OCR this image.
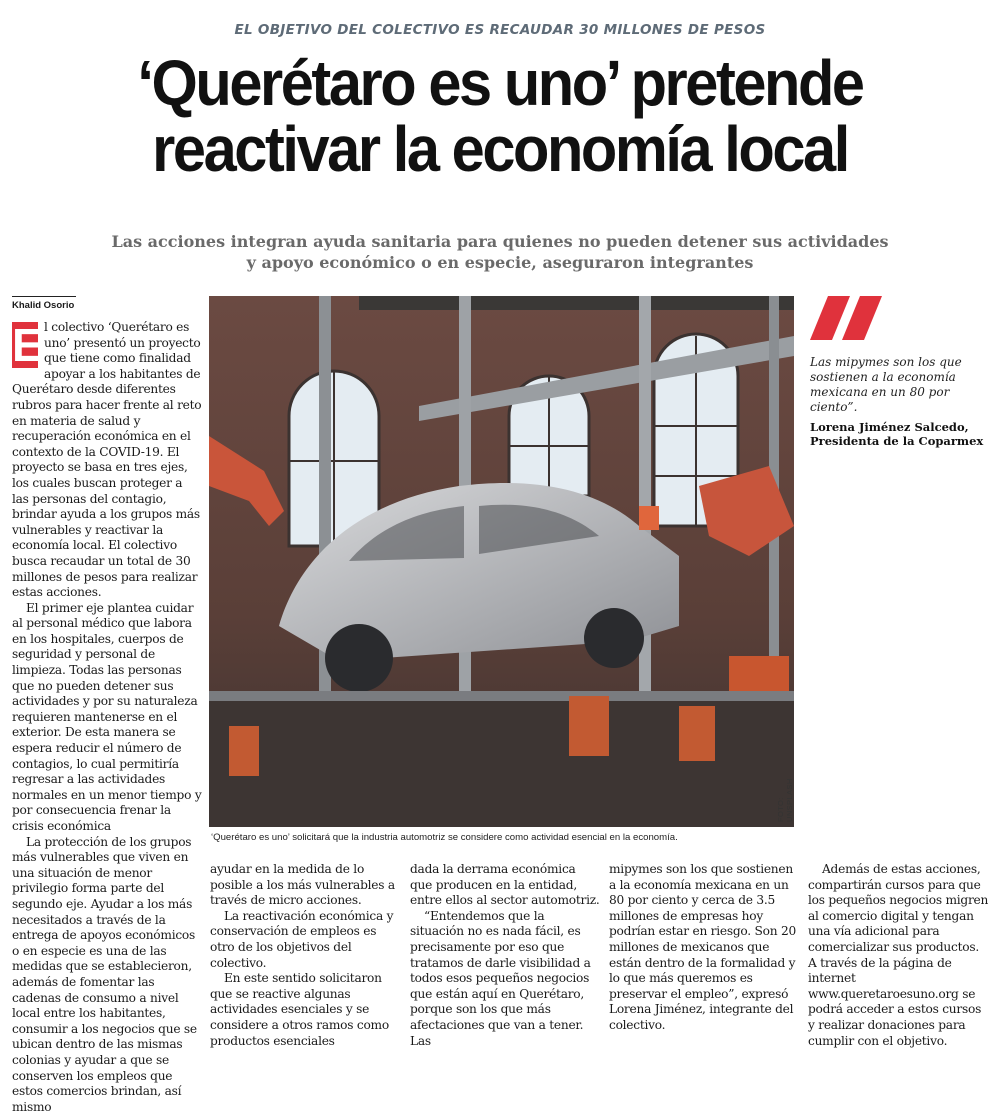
EL OBJETIVO DEL COLECTIVO ES RECAUDAR 30 MILLONES DE PESOS
‘Querétaro es uno’ pretende
reactivar la economía local
Las acciones integran ayuda sanitaria para quienes no pueden detener sus actividades
y apoyo económico o en especie, aseguraron integrantes
Khalid Osorio

E l colectivo ‘Querétaro es uno’ presentó un proyecto que tiene como finalidad apoyar a los habitantes de Querétaro desde diferentes rubros para hacer frente al reto en materia de salud y recuperación económica en el contexto de la COVID-19. El proyecto se basa en tres ejes, los cuales buscan proteger a las personas del contagio, brindar ayuda a los grupos más vulnerables y reactivar la economía local. El colectivo busca recaudar un total de 30 millones de pesos para realizar estas acciones.

El primer eje plantea cuidar al personal médico que labora en los hospitales, cuerpos de seguridad y personal de limpieza. Todas las personas que no pueden detener sus actividades y por su naturaleza requieren mantenerse en el exterior. De esta manera se espera reducir el número de contagios, lo cual permitiría regresar a las actividades normales en un menor tiempo y por consecuencia frenar la crisis económica

La protección de los grupos más vulnerables que viven en una situación de menor privilegio forma parte del segundo eje. Ayudar a los más necesitados a través de la entrega de apoyos económicos o en especie es una de las medidas que se establecieron, además de fomentar las cadenas de consumo a nivel local entre los habitantes, consumir a los negocios que se ubican dentro de las mismas colonias y ayudar a que se conserven los empleos que estos comercios brindan, así mismo

FOTO: UNSPLASH
‘Querétaro es uno’ solicitará que la industria automotriz se considere como actividad esencial en la economía.
Las mipymes son los que sostienen a la economía mexicana en un 80 por ciento”.
Lorena Jiménez Salcedo,
Presidenta de la Coparmex

ayudar en la medida de lo posible a los más vulnerables a través de micro acciones.

La reactivación económica y conservación de empleos es otro de los objetivos del colectivo.

En este sentido solicitaron que se reactive algunas actividades esenciales y se considere a otros ramos como productos esenciales

dada la derrama económica que producen en la entidad, entre ellos al sector automotriz.

“Entendemos que la situación no es nada fácil, es precisamente por eso que tratamos de darle visibilidad a todos esos pequeños negocios que están aquí en Querétaro, porque son los que más afectaciones que van a tener. Las

mipymes son los que sostienen a la economía mexicana en un 80 por ciento y cerca de 3.5 millones de empresas hoy podrían estar en riesgo. Son 20 millones de mexicanos que están dentro de la formalidad y lo que más queremos es preservar el empleo”, expresó Lorena Jiménez, integrante del colectivo.

Además de estas acciones, compartirán cursos para que los pequeños negocios migren al comercio digital y tengan una vía adicional para comercializar sus productos. A través de la página de internet www.queretaroesuno.org se podrá acceder a estos cursos y realizar donaciones para cumplir con el objetivo.
